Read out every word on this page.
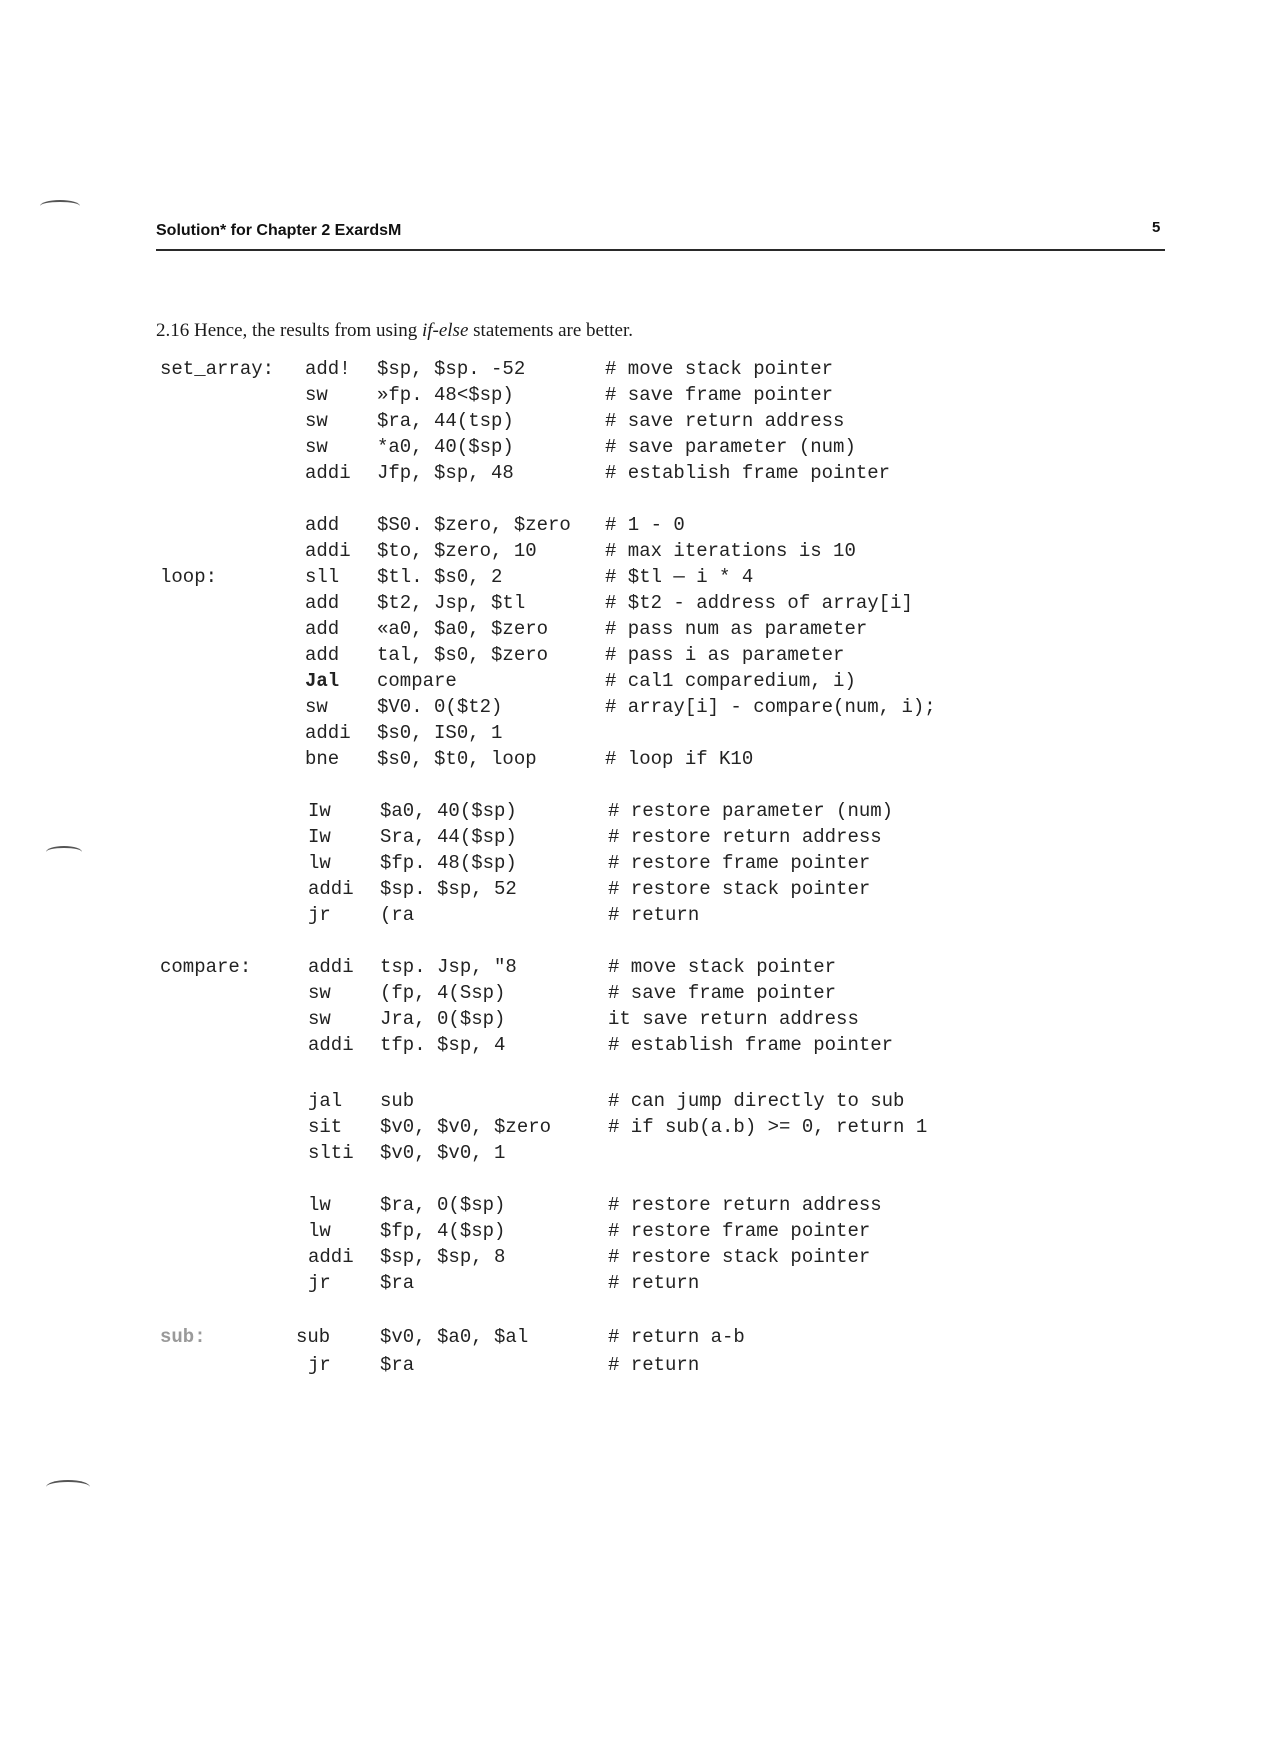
Solution* for Chapter 2 ExardsM	5
2.16 Hence, the results from using if-else statements are better.
set_array: add! $sp, $sp. -52	# move stack pointer
sw	»fp. 48<$sp)	# save frame pointer
sw	$ra, 44(tsp)	# save return address
sw	*a0, 40($sp)	# save parameter (num)
addi Jfp, $sp, 48	# establish frame pointer
add $S0. $zero, $zero # 1 - 0
addi $to, $zero, 10	# max iterations is 10
loop:	sll $tl. $s0, 2	# $tl — i * 4
add $t2, Jsp, $tl	# $t2 - address of array[i]
add «a0, $a0, $zero	# pass num as parameter
add tal, $s0, $zero	# pass i as parameter
Jal compare	# cal1 comparedium, i)
sw	$V0. 0($t2)	# array[i] - compare(num, i);
addi $s0, IS0, 1
bne $s0, $t0, loop	# loop if K10
Iw	$a0, 40($sp)	# restore parameter (num)
Iw	Sra, 44($sp)	# restore return address
lw	$fp. 48($sp)	# restore frame pointer
addi $sp. $sp, 52	# restore stack pointer
jr	(ra	# return
compare:	addi tsp. Jsp, "8	# move stack pointer
sw	(fp, 4(Ssp)	# save frame pointer
sw	Jra, 0($sp)	it save return address
addi tfp. $sp, 4	# establish frame pointer
jal sub	# can jump directly to sub
sit $v0, $v0, $zero	# if sub(a.b) >= 0, return 1
slti $v0, $v0, 1
lw	$ra, 0($sp)	# restore return address
lw	$fp, 4($sp)	# restore frame pointer
addi $sp, $sp, 8	# restore stack pointer
jr	$ra	# return
sub:	sub	$v0, $a0, $al	# return a-b
jr	$ra	# return
